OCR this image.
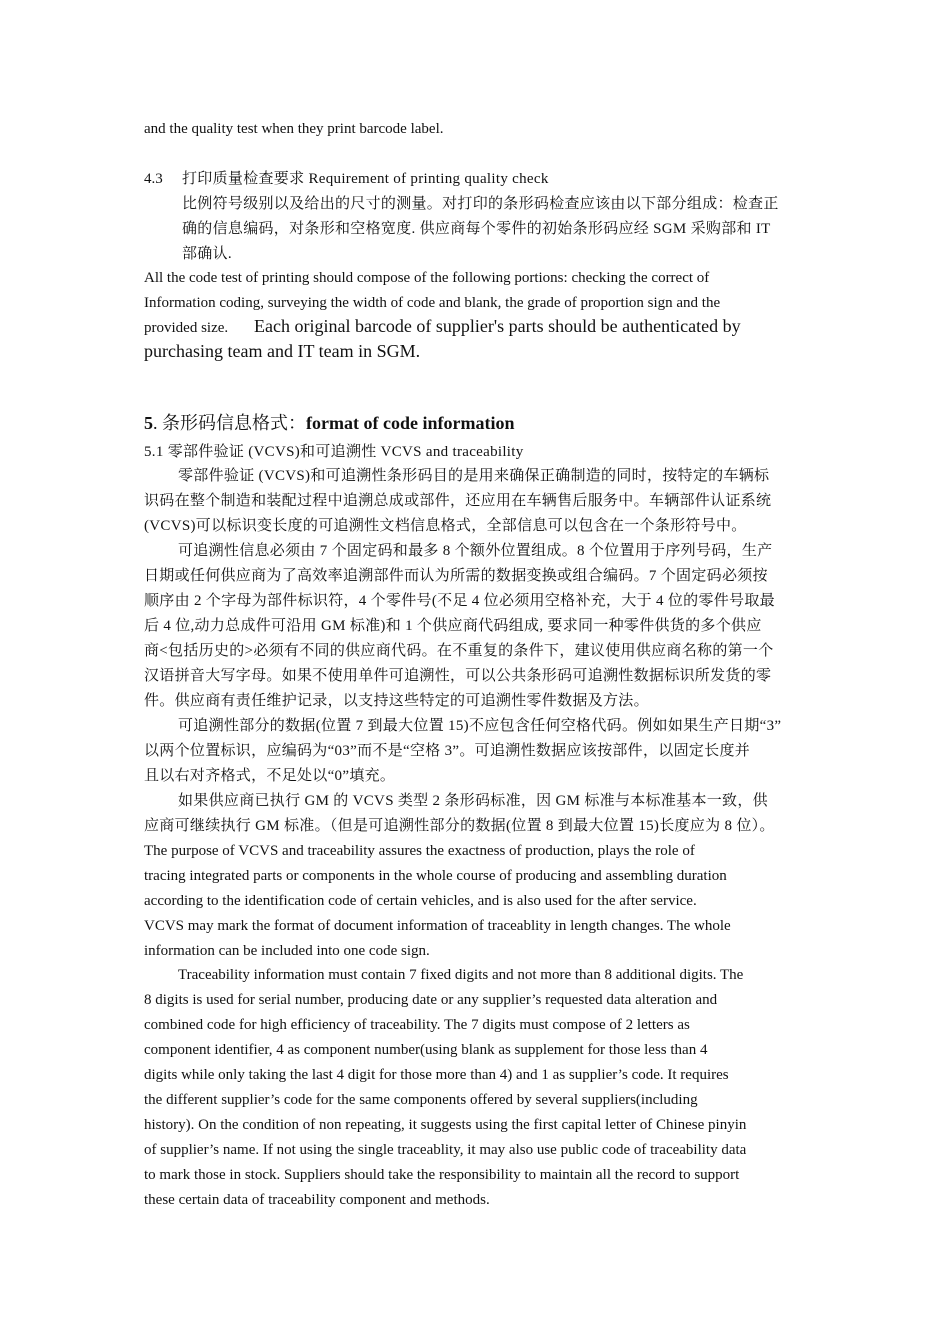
and the quality test when they print barcode label.
4.3 打印质量检查要求 Requirement of printing quality check
比例符号级别以及给出的尺寸的测量。对打印的条形码检查应该由以下部分组成：检查正
确的信息编码，对条形和空格宽度. 供应商每个零件的初始条形码应经 SGM 采购部和 IT
部确认.
All the code test of printing should compose of the following portions: checking the correct of
Information coding, surveying the width of code and blank, the grade of proportion sign and the
provided size. Each original barcode of supplier's parts should be authenticated by
purchasing team and IT team in SGM.
5. 条形码信息格式：format of code information
5.1 零部件验证 (VCVS)和可追溯性 VCVS and traceability
零部件验证 (VCVS)和可追溯性条形码目的是用来确保正确制造的同时，按特定的车辆标
识码在整个制造和装配过程中追溯总成或部件，还应用在车辆售后服务中。车辆部件认证系统
(VCVS)可以标识变长度的可追溯性文档信息格式，全部信息可以包含在一个条形符号中。
可追溯性信息必须由 7 个固定码和最多 8 个额外位置组成。8 个位置用于序列号码，生产
日期或任何供应商为了高效率追溯部件而认为所需的数据变换或组合编码。7 个固定码必须按
顺序由 2 个字母为部件标识符，4 个零件号(不足 4 位必须用空格补充，大于 4 位的零件号取最
后 4 位,动力总成件可沿用 GM 标准)和 1 个供应商代码组成, 要求同一种零件供货的多个供应
商<包括历史的>必须有不同的供应商代码。在不重复的条件下，建议使用供应商名称的第一个
汉语拼音大写字母。如果不使用单件可追溯性，可以公共条形码可追溯性数据标识所发货的零
件。供应商有责任维护记录，以支持这些特定的可追溯性零件数据及方法。
可追溯性部分的数据(位置 7 到最大位置 15)不应包含任何空格代码。例如如果生产日期“3”
以两个位置标识，应编码为“03”而不是“空格 3”。可追溯性数据应该按部件，以固定长度并
且以右对齐格式，不足处以“0”填充。
如果供应商已执行 GM 的 VCVS 类型 2 条形码标准，因 GM 标准与本标准基本一致，供
应商可继续执行 GM 标准。（但是可追溯性部分的数据(位置 8 到最大位置 15)长度应为 8 位）。
The purpose of VCVS and traceability assures the exactness of production, plays the role of
tracing integrated parts or components in the whole course of producing and assembling duration
according to the identification code of certain vehicles, and is also used for the after service.
VCVS may mark the format of document information of traceablity in length changes. The whole
information can be included into one code sign.
Traceability information must contain 7 fixed digits and not more than 8 additional digits. The
8 digits is used for serial number, producing date or any supplier’s requested data alteration and
combined code for high efficiency of traceability. The 7 digits must compose of 2 letters as
component identifier, 4 as component number(using blank as supplement for those less than 4
digits while only taking the last 4 digit for those more than 4) and 1 as supplier’s code. It requires
the different supplier’s code for the same components offered by several suppliers(including
history). On the condition of non repeating, it suggests using the first capital letter of Chinese pinyin
of supplier’s name. If not using the single traceablity, it may also use public code of traceability data
to mark those in stock. Suppliers should take the responsibility to maintain all the record to support
these certain data of traceability component and methods.
